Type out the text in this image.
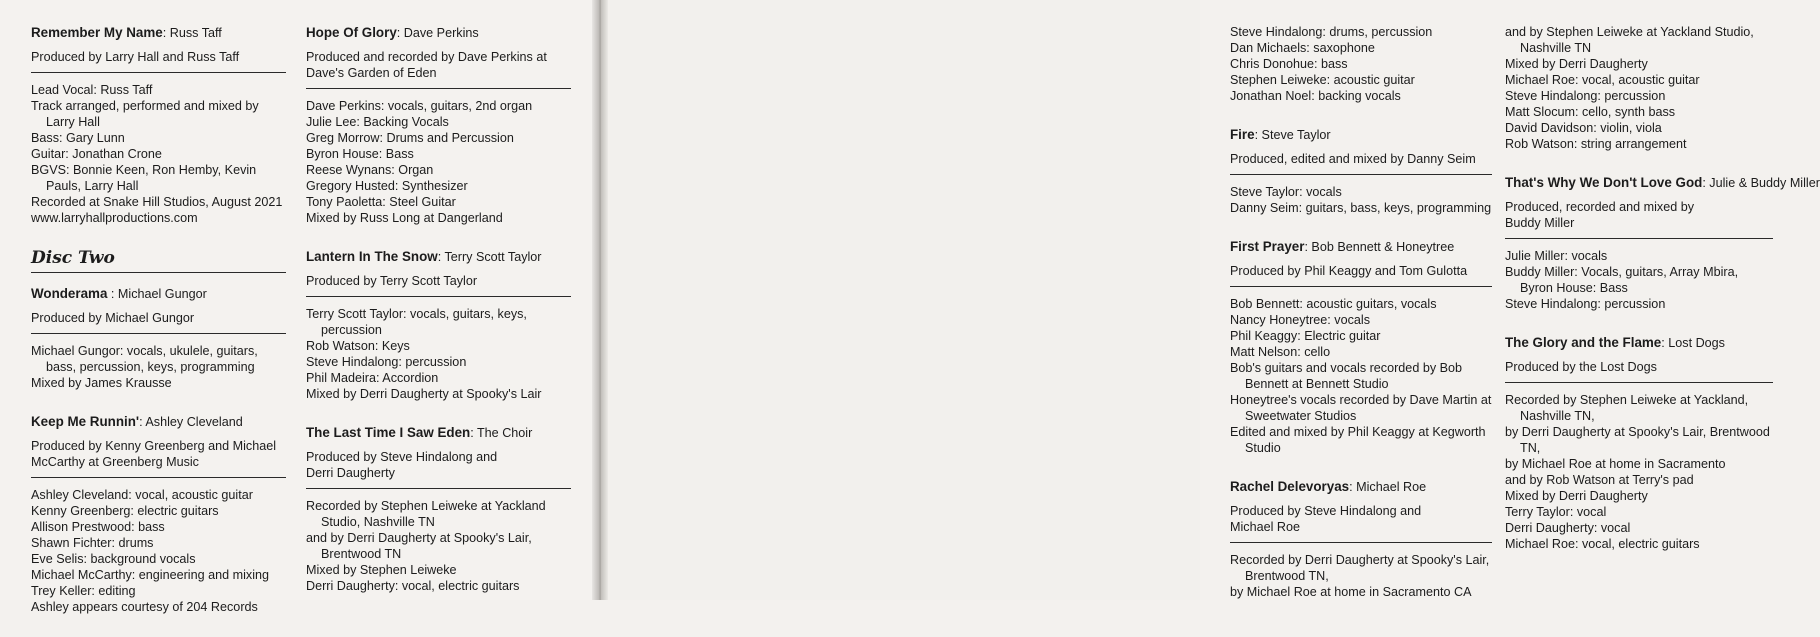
Remember My Name: Russ Taff
Produced by Larry Hall and Russ Taff
Lead Vocal: Russ Taff
Track arranged, performed and mixed by Larry Hall
Bass: Gary Lunn
Guitar: Jonathan Crone
BGVS: Bonnie Keen, Ron Hemby, Kevin Pauls, Larry Hall
Recorded at Snake Hill Studios, August 2021
www.larryhallproductions.com
Disc Two
Wonderama : Michael Gungor
Produced by Michael Gungor
Michael Gungor: vocals, ukulele, guitars, bass, percussion, keys, programming
Mixed by James Krausse
Keep Me Runnin': Ashley Cleveland
Produced by Kenny Greenberg and Michael
McCarthy at Greenberg Music
Ashley Cleveland: vocal, acoustic guitar
Kenny Greenberg: electric guitars
Allison Prestwood: bass
Shawn Fichter: drums
Eve Selis: background vocals
Michael McCarthy: engineering and mixing
Trey Keller: editing
Ashley appears courtesy of 204 Records
Hope Of Glory: Dave Perkins
Produced and recorded by Dave Perkins at
Dave's Garden of Eden
Dave Perkins: vocals, guitars, 2nd organ
Julie Lee: Backing Vocals
Greg Morrow: Drums and Percussion
Byron House: Bass
Reese Wynans: Organ
Gregory Husted: Synthesizer
Tony Paoletta: Steel Guitar
Mixed by Russ Long at Dangerland
Lantern In The Snow: Terry Scott Taylor
Produced by Terry Scott Taylor
Terry Scott Taylor: vocals, guitars, keys, percussion
Rob Watson: Keys
Steve Hindalong: percussion
Phil Madeira: Accordion
Mixed by Derri Daugherty at Spooky's Lair
The Last Time I Saw Eden: The Choir
Produced by Steve Hindalong and
Derri Daugherty
Recorded by Stephen Leiweke at Yackland Studio, Nashville TN
and by Derri Daugherty at Spooky's Lair, Brentwood TN
Mixed by Stephen Leiweke
Derri Daugherty: vocal, electric guitars
Steve Hindalong: drums, percussion
Dan Michaels: saxophone
Chris Donohue: bass
Stephen Leiweke: acoustic guitar
Jonathan Noel: backing vocals
Fire: Steve Taylor
Produced, edited and mixed by Danny Seim
Steve Taylor: vocals
Danny Seim: guitars, bass, keys, programming
First Prayer: Bob Bennett & Honeytree
Produced by Phil Keaggy and Tom Gulotta
Bob Bennett: acoustic guitars, vocals
Nancy Honeytree: vocals
Phil Keaggy: Electric guitar
Matt Nelson: cello
Bob's guitars and vocals recorded by Bob Bennett at Bennett Studio
Honeytree's vocals recorded by Dave Martin at Sweetwater Studios
Edited and mixed by Phil Keaggy at Kegworth Studio
Rachel Delevoryas: Michael Roe
Produced by Steve Hindalong and
Michael Roe
Recorded by Derri Daugherty at Spooky's Lair, Brentwood TN,
by Michael Roe at home in Sacramento CA
and by Stephen Leiweke at Yackland Studio, Nashville TN
Mixed by Derri Daugherty
Michael Roe: vocal, acoustic guitar
Steve Hindalong: percussion
Matt Slocum: cello, synth bass
David Davidson: violin, viola
Rob Watson: string arrangement
That's Why We Don't Love God: Julie & Buddy Miller
Produced, recorded and mixed by
Buddy Miller
Julie Miller: vocals
Buddy Miller: Vocals, guitars, Array Mbira, Byron House: Bass
Steve Hindalong: percussion
The Glory and the Flame: Lost Dogs
Produced by the Lost Dogs
Recorded by Stephen Leiweke at Yackland, Nashville TN,
by Derri Daugherty at Spooky's Lair, Brentwood TN,
by Michael Roe at home in Sacramento
and by Rob Watson at Terry's pad
Mixed by Derri Daugherty
Terry Taylor: vocal
Derri Daugherty: vocal
Michael Roe: vocal, electric guitars
